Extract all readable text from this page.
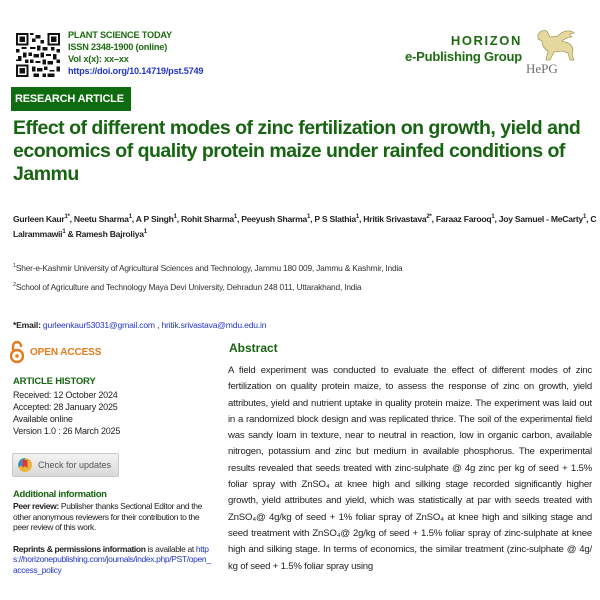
PLANT SCIENCE TODAY
ISSN 2348-1900 (online)
Vol x(x): xx–xx
https://doi.org/10.14719/pst.5749
HORIZON
e-Publishing Group
HePG
RESEARCH ARTICLE
Effect of different modes of zinc fertilization on growth, yield and economics of quality protein maize under rainfed conditions of Jammu
Gurleen Kaur$^{1*}$, Neetu Sharma$^1$, A P Singh$^1$, Rohit Sharma$^1$, Peeyush Sharma$^1$, P S Slathia$^1$, Hritik Srivastava$^{2*}$, Faraaz Farooq$^1$, Joy Samuel - MeCarty$^1$, C Lalrammawii$^1$ & Ramesh Bajroliya$^1$
$^1$Sher-e-Kashmir University of Agricultural Sciences and Technology, Jammu 180 009, Jammu & Kashmir, India
$^2$School of Agriculture and Technology Maya Devi University, Dehradun 248 011, Uttarakhand, India
*Email: gurleenkaur53031@gmail.com , hritik.srivastava@mdu.edu.in
OPEN ACCESS
ARTICLE HISTORY
Received: 12 October 2024
Accepted: 28 January 2025
Available online
Version 1.0 : 26 March 2025
Check for updates
Additional information
Peer review: Publisher thanks Sectional Editor and the other anonymous reviewers for their contribution to the peer review of this work.
Reprints & permissions information is available at https://horizonepublishing.com/journals/index.php/PST/open_access_policy
Abstract

A field experiment was conducted to evaluate the effect of different modes of zinc fertilization on quality protein maize, to assess the response of zinc on growth, yield attributes, yield and nutrient uptake in quality protein maize. The experiment was laid out in a randomized block design and was replicated thrice. The soil of the experimental field was sandy loam in texture, near to neutral in reaction, low in organic carbon, available nitrogen, potassium and zinc but medium in available phosphorus. The experimental results revealed that seeds treated with zinc-sulphate @ 4g zinc per kg of seed + 1.5% foliar spray with ZnSO₄ at knee high and silking stage recorded significantly higher growth, yield attributes and yield, which was statistically at par with seeds treated with ZnSO₄@ 4g/kg of seed + 1% foliar spray of ZnSO₄ at knee high and silking stage and seed treatment with ZnSO₄@ 2g/kg of seed + 1.5% foliar spray of zinc-sulphate at knee high and silking stage. In terms of economics, the similar treatment (zinc-sulphate @ 4g/ kg of seed + 1.5% foliar spray using
